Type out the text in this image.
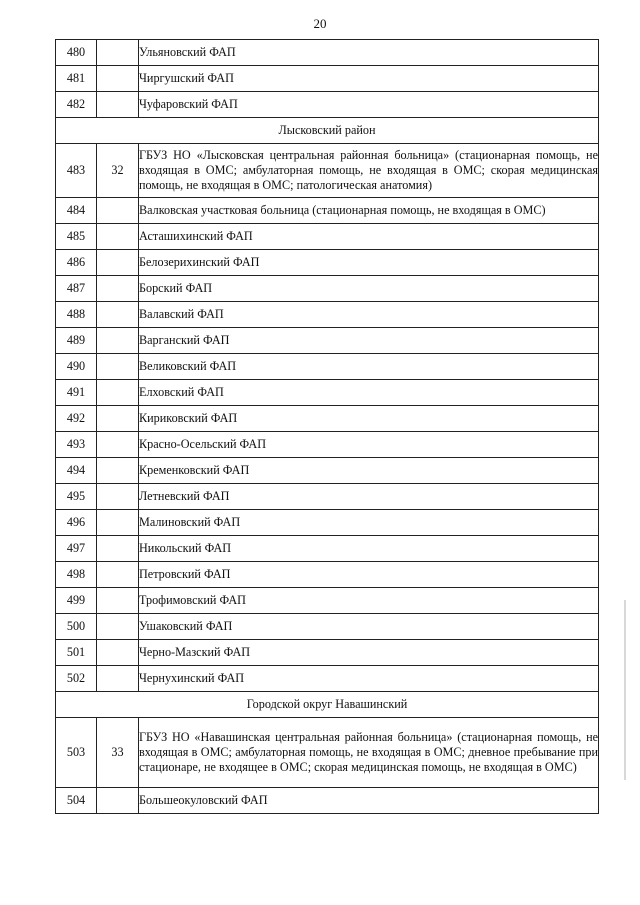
20
480		Ульяновский ФАП
481		Чиргушский ФАП
482		Чуфаровский ФАП
Лысковский район		
483	32	ГБУЗ НО «Лысковская центральная районная больница» (стационарная помощь, не входящая в ОМС; амбулаторная помощь, не входящая в ОМС; скорая медицинская помощь, не входящая в ОМС; патологическая анатомия)
484		Валковская участковая больница (стационарная помощь, не входящая в ОМС)
485		Асташихинский ФАП
486		Белозерихинский ФАП
487		Борский ФАП
488		Валавский ФАП
489		Варганский ФАП
490		Великовский ФАП
491		Елховский ФАП
492		Кириковский ФАП
493		Красно-Осельский ФАП
494		Кременковский ФАП
495		Летневский ФАП
496		Малиновский ФАП
497		Никольский ФАП
498		Петровский ФАП
499		Трофимовский ФАП
500		Ушаковский ФАП
501		Черно-Мазский ФАП
502		Чернухинский ФАП
Городской округ Навашинский		
503	33	ГБУЗ НО «Навашинская центральная районная больница» (стационарная помощь, не входящая в ОМС; амбулаторная помощь, не входящая в ОМС; дневное пребывание при стационаре, не входящее в ОМС; скорая медицинская помощь, не входящая в ОМС)
504		Большеокуловский ФАП
